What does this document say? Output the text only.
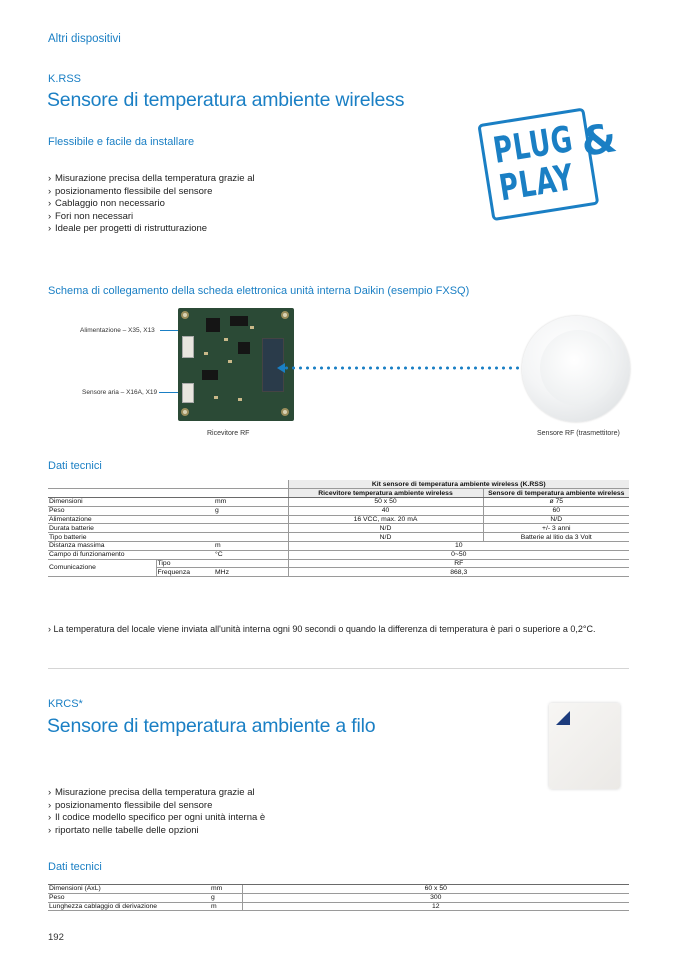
Altri dispositivi
K.RSS
Sensore di temperatura ambiente wireless
Flessibile e facile da installare
› Misurazione precisa della temperatura grazie al
› posizionamento flessibile del sensore
› Cablaggio non necessario
› Fori non necessari
› Ideale per progetti di ristrutturazione
PLUG
PLAY
&
Schema di collegamento della scheda elettronica unità interna Daikin (esempio FXSQ)
Alimentazione – X35, X13
Sensore aria – X16A, X19
Ricevitore RF	Sensore RF (trasmettitore)
Dati tecnici
			Kit sensore di temperatura ambiente wireless (K.RSS)	
			Ricevitore temperatura ambiente wireless	Sensore di temperatura ambiente wireless
Dimensioni		mm	50 x 50	ø 75
Peso		g	40	60
Alimentazione			16 VCC, max. 20 mA	N/D
Durata batterie			N/D	+/- 3 anni
Tipo batterie			N/D	Batterie al litio da 3 Volt
Distanza massima		m	10	
Campo di funzionamento		°C	0~50	
Comunicazione	Tipo		RF	
	Frequenza	MHz	868,3	
› La temperatura del locale viene inviata all'unità interna ogni 90 secondi o quando la differenza di temperatura è pari o superiore a 0,2°C.
KRCS*
Sensore di temperatura ambiente a filo
› Misurazione precisa della temperatura grazie al
› posizionamento flessibile del sensore
› Il codice modello specifico per ogni unità interna è
› riportato nelle tabelle delle opzioni
Dati tecnici
Dimensioni (AxL)	mm	60 x 50
Peso	g	300
Lunghezza cablaggio di derivazione	m	12
192
